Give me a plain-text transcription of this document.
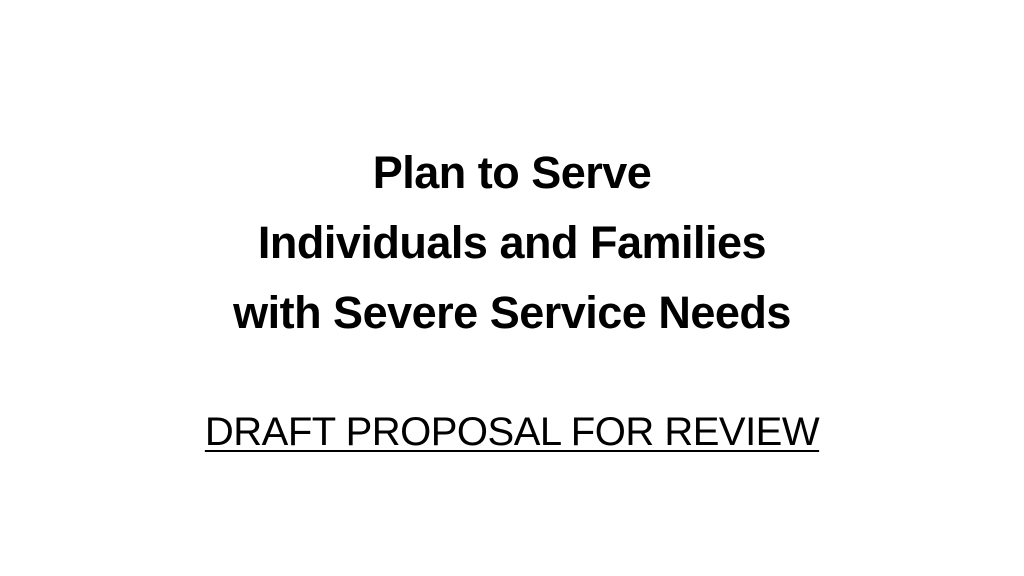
Plan to Serve
Individuals and Families
with Severe Service Needs
DRAFT PROPOSAL FOR REVIEW
